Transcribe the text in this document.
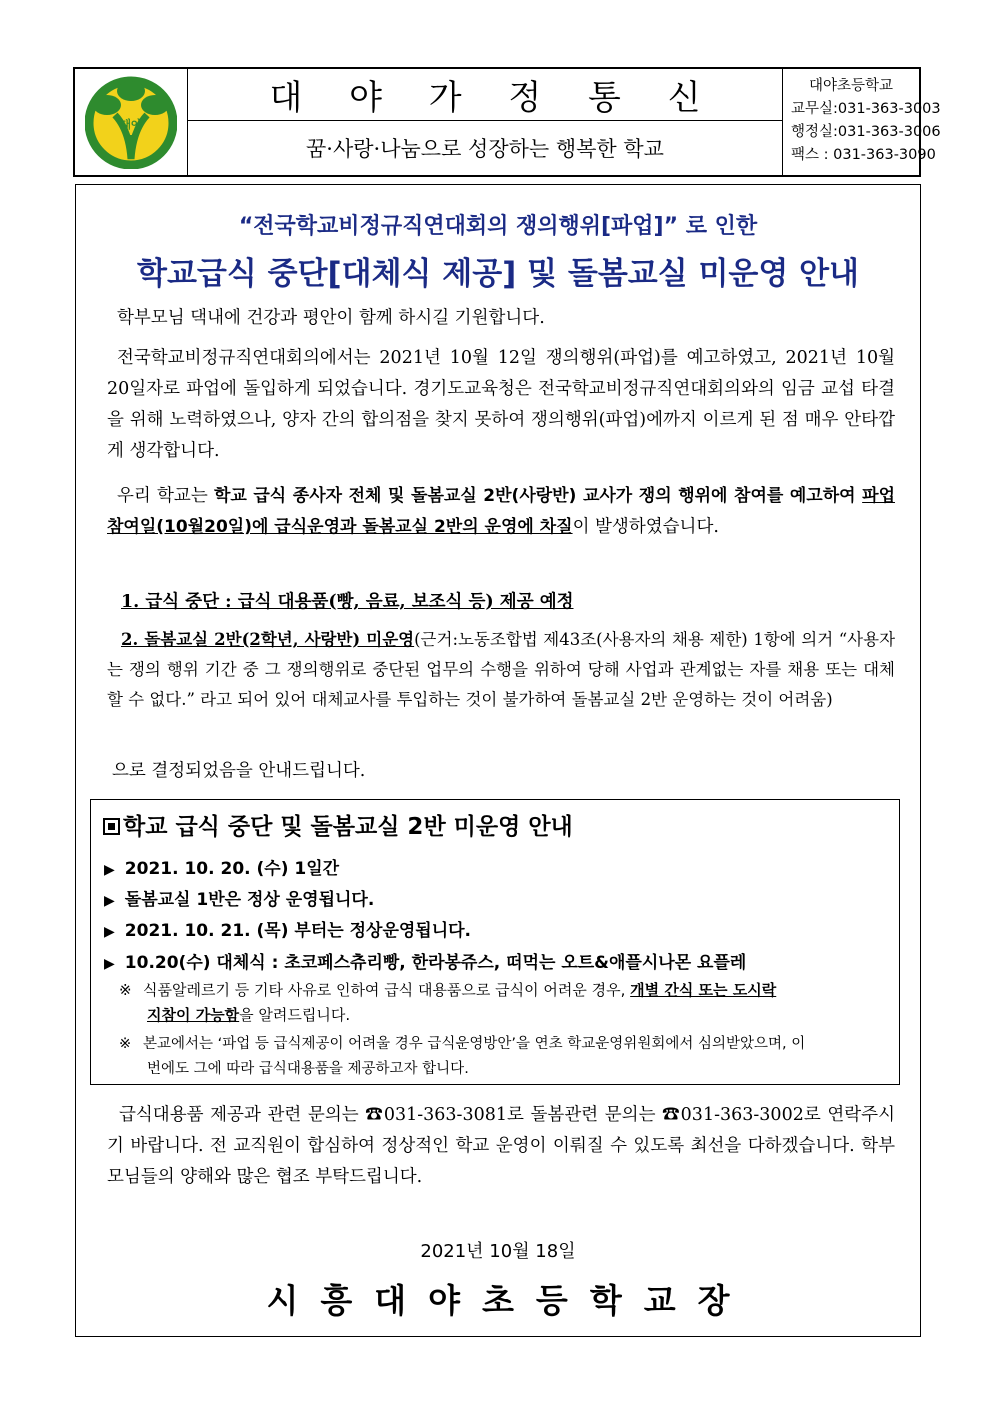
대야
대 야 가 정 통 신
꿈·사랑·나눔으로 성장하는 행복한 학교
대야초등학교
교무실:031-363-3003
행정실:031-363-3006
팩스 : 031-363-3090
“전국학교비정규직연대회의 쟁의행위[파업]” 로 인한
학교급식 중단[대체식 제공] 및 돌봄교실 미운영 안내
학부모님 댁내에 건강과 평안이 함께 하시길 기원합니다.
전국학교비정규직연대회의에서는 2021년 10월 12일 쟁의행위(파업)를 예고하였고, 2021년 10월 20일자로 파업에 돌입하게 되었습니다. 경기도교육청은 전국학교비정규직연대회의와의 임금 교섭 타결을 위해 노력하였으나, 양자 간의 합의점을 찾지 못하여 쟁의행위(파업)에까지 이르게 된 점 매우 안타깝게 생각합니다.
우리 학교는 학교 급식 종사자 전체 및 돌봄교실 2반(사랑반) 교사가 쟁의 행위에 참여를 예고하여 파업참여일(10월20일)에 급식운영과 돌봄교실 2반의 운영에 차질이 발생하였습니다.
1. 급식 중단 : 급식 대용품(빵, 음료, 보조식 등) 제공 예정
2. 돌봄교실 2반(2학년, 사랑반) 미운영(근거:노동조합법 제43조(사용자의 채용 제한) 1항에 의거 “사용자는 쟁의 행위 기간 중 그 쟁의행위로 중단된 업무의 수행을 위하여 당해 사업과 관계없는 자를 채용 또는 대체할 수 없다.” 라고 되어 있어 대체교사를 투입하는 것이 불가하여 돌봄교실 2반 운영하는 것이 어려움)
으로 결정되었음을 안내드립니다.
학교 급식 중단 및 돌봄교실 2반 미운영 안내
▶ 2021. 10. 20. (수) 1일간
▶ 돌봄교실 1반은 정상 운영됩니다.
▶ 2021. 10. 21. (목) 부터는 정상운영됩니다.
▶ 10.20(수) 대체식 : 초코페스츄리빵, 한라봉쥬스, 떠먹는 오트&애플시나몬 요플레
※ 식품알레르기 등 기타 사유로 인하여 급식 대용품으로 급식이 어려운 경우, 개별 간식 또는 도시락
지참이 가능함을 알려드립니다.
※ 본교에서는 ‘파업 등 급식제공이 어려울 경우 급식운영방안’을 연초 학교운영위원회에서 심의받았으며, 이
번에도 그에 따라 급식대용품을 제공하고자 합니다.
급식대용품 제공과 관련 문의는 ☎031-363-3081로 돌봄관련 문의는 ☎031-363-3002로 연락주시기 바랍니다. 전 교직원이 합심하여 정상적인 학교 운영이 이뤄질 수 있도록 최선을 다하겠습니다. 학부모님들의 양해와 많은 협조 부탁드립니다.
2021년 10월 18일
시흥대야초등학교장
